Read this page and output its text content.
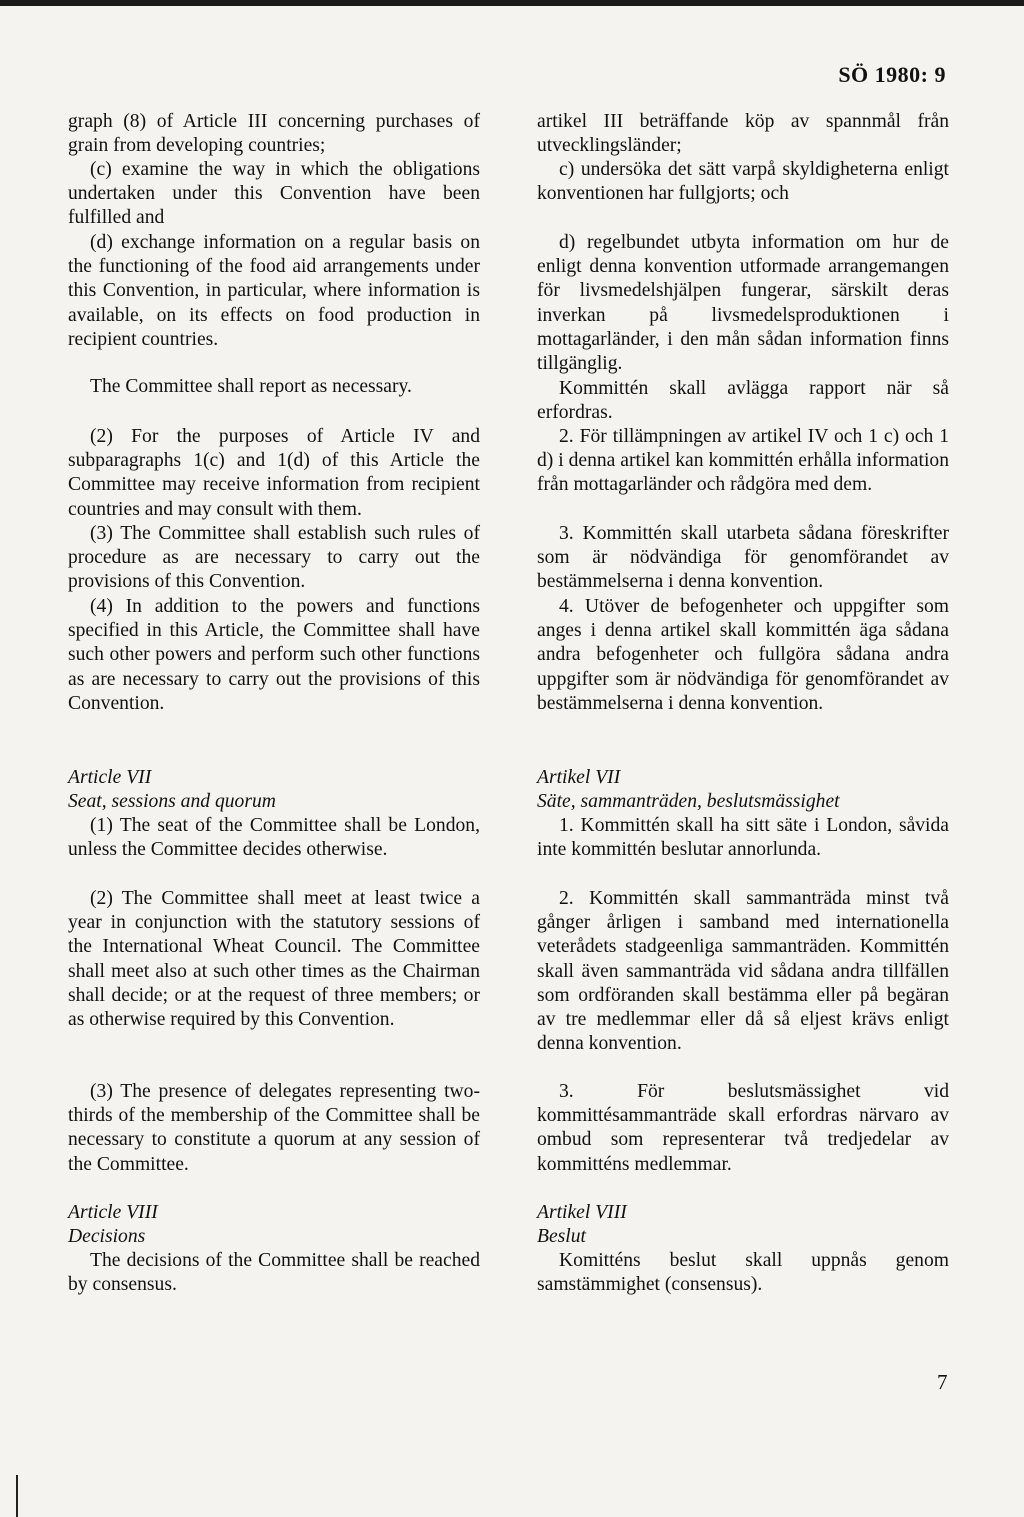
SÖ 1980: 9

graph (8) of Article III concerning purchases of grain from developing countries;

(c) examine the way in which the obligations undertaken under this Convention have been fulfilled and

(d) exchange information on a regular basis on the functioning of the food aid arrangements under this Convention, in particular, where information is available, on its effects on food production in recipient countries.

The Committee shall report as necessary.

(2) For the purposes of Article IV and subparagraphs 1(c) and 1(d) of this Article the Committee may receive information from recipient countries and may consult with them.

(3) The Committee shall establish such rules of procedure as are necessary to carry out the provisions of this Convention.

(4) In addition to the powers and functions specified in this Article, the Committee shall have such other powers and perform such other functions as are necessary to carry out the provisions of this Convention.

Article VII

Seat, sessions and quorum

(1) The seat of the Committee shall be London, unless the Committee decides otherwise.

(2) The Committee shall meet at least twice a year in conjunction with the statutory sessions of the International Wheat Council. The Committee shall meet also at such other times as the Chairman shall decide; or at the request of three members; or as otherwise required by this Convention.

(3) The presence of delegates representing two-thirds of the membership of the Committee shall be necessary to constitute a quorum at any session of the Committee.

Article VIII

Decisions

The decisions of the Committee shall be reached by consensus.

artikel III beträffande köp av spannmål från utvecklingsländer;

c) undersöka det sätt varpå skyldigheterna enligt konventionen har fullgjorts; och

d) regelbundet utbyta information om hur de enligt denna konvention utformade arrangemangen för livsmedelshjälpen fungerar, särskilt deras inverkan på livsmedelsproduktionen i mottagarländer, i den mån sådan information finns tillgänglig.

Kommittén skall avlägga rapport när så erfordras.

2. För tillämpningen av artikel IV och 1 c) och 1 d) i denna artikel kan kommittén erhålla information från mottagarländer och rådgöra med dem.

3. Kommittén skall utarbeta sådana föreskrifter som är nödvändiga för genomförandet av bestämmelserna i denna konvention.

4. Utöver de befogenheter och uppgifter som anges i denna artikel skall kommittén äga sådana andra befogenheter och fullgöra sådana andra uppgifter som är nödvändiga för genomförandet av bestämmelserna i denna konvention.

Artikel VII

Säte, sammanträden, beslutsmässighet

1. Kommittén skall ha sitt säte i London, såvida inte kommittén beslutar annorlunda.

2. Kommittén skall sammanträda minst två gånger årligen i samband med internationella veterådets stadgeenliga sammanträden. Kommittén skall även sammanträda vid sådana andra tillfällen som ordföranden skall bestämma eller på begäran av tre medlemmar eller då så eljest krävs enligt denna konvention.

3. För beslutsmässighet vid kommittésammanträde skall erfordras närvaro av ombud som representerar två tredjedelar av kommitténs medlemmar.

Artikel VIII

Beslut

Komitténs beslut skall uppnås genom samstämmighet (consensus).

7
